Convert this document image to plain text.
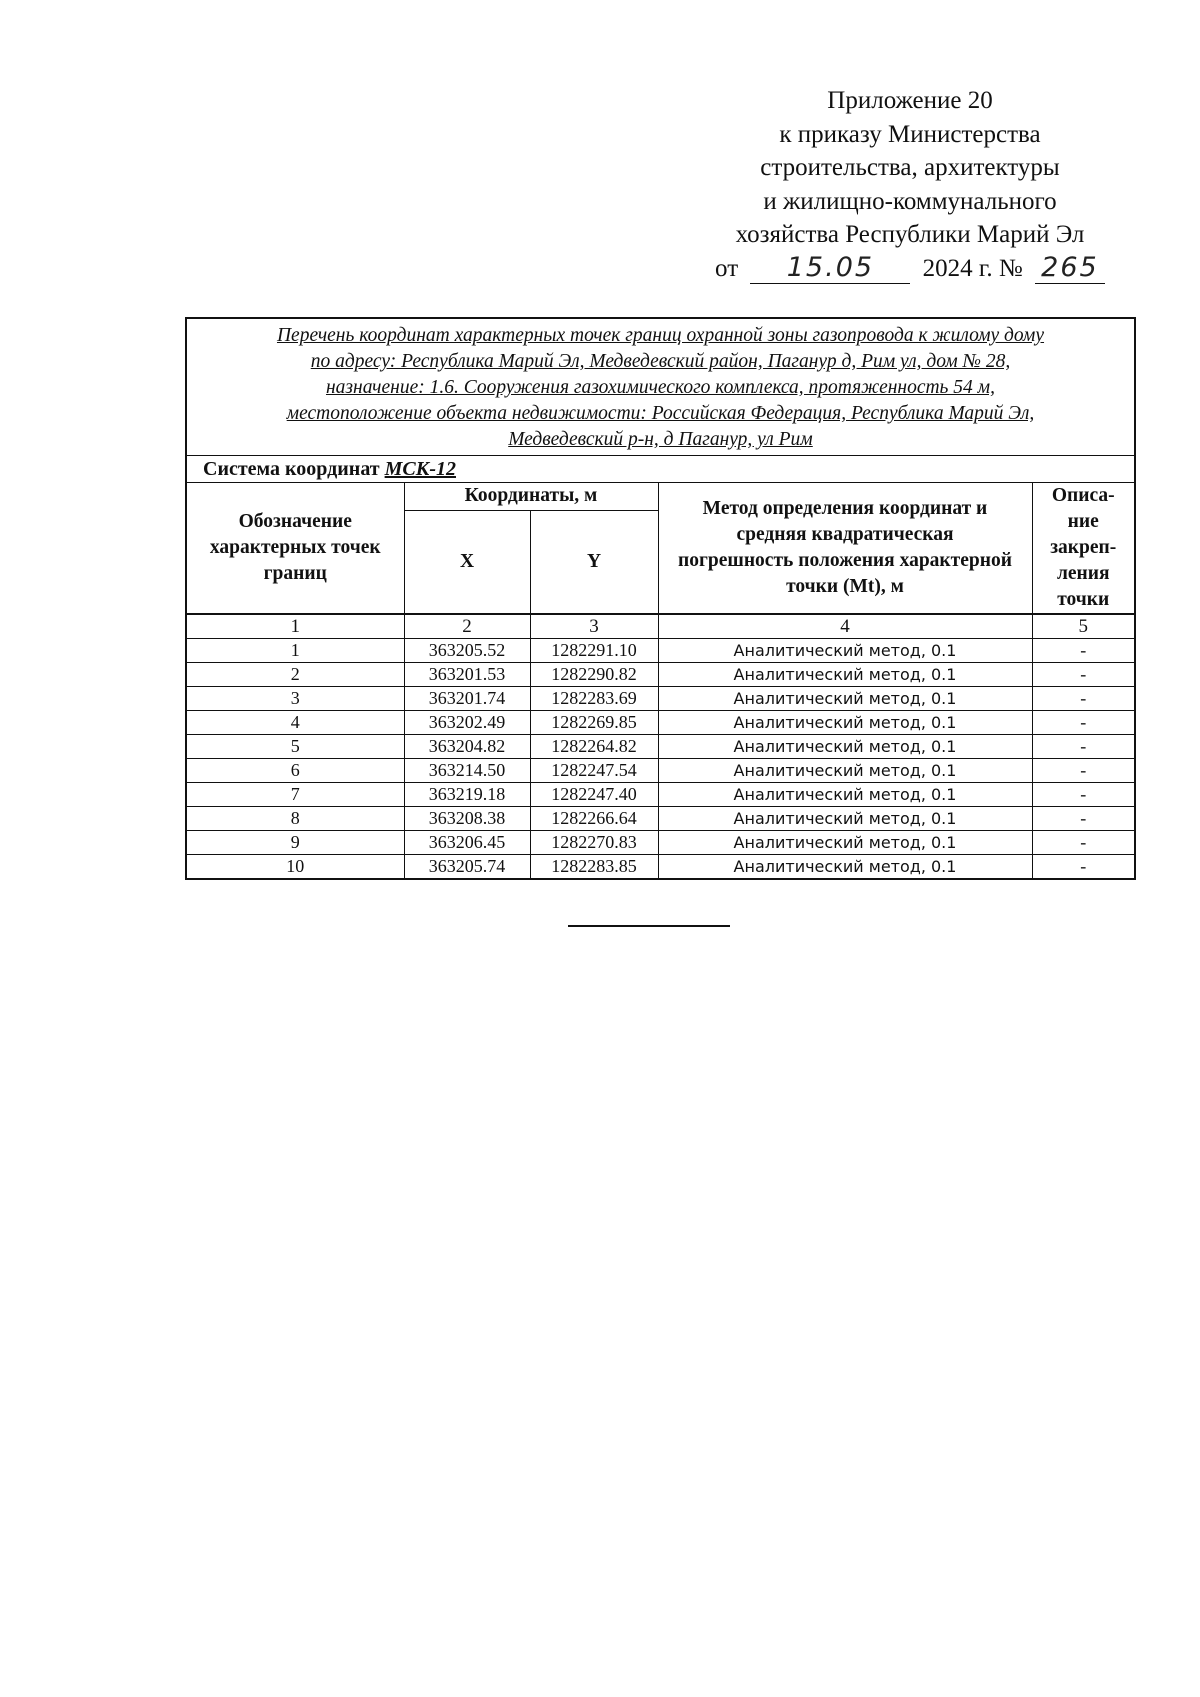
Приложение 20
к приказу Министерства
строительства, архитектуры
и жилищно-коммунального
хозяйства Республики Марий Эл
от 15.05 2024 г. № 265
Перечень координат характерных точек границ охранной зоны газопровода к жилому дому
по адресу: Республика Марий Эл, Медведевский район, Паганур д, Рим ул, дом № 28,
назначение: 1.6. Сооружения газохимического комплекса, протяженность 54 м,
местоположение объекта недвижимости: Российская Федерация, Республика Марий Эл,
Медведевский р-н, д Паганур, ул Рим				

Система координат МСК-12				
Обозначение характерных точек границ	Координаты, м		Метод определения координат и средняя квадратическая погрешность положения характерной точки (Mt), м	Описа-ние закреп-ления точки
	X	Y		
1	2	3	4	5
1	363205.52	1282291.10	Аналитический метод, 0.1	-
2	363201.53	1282290.82	Аналитический метод, 0.1	-
3	363201.74	1282283.69	Аналитический метод, 0.1	-
4	363202.49	1282269.85	Аналитический метод, 0.1	-
5	363204.82	1282264.82	Аналитический метод, 0.1	-
6	363214.50	1282247.54	Аналитический метод, 0.1	-
7	363219.18	1282247.40	Аналитический метод, 0.1	-
8	363208.38	1282266.64	Аналитический метод, 0.1	-
9	363206.45	1282270.83	Аналитический метод, 0.1	-
10	363205.74	1282283.85	Аналитический метод, 0.1	-
